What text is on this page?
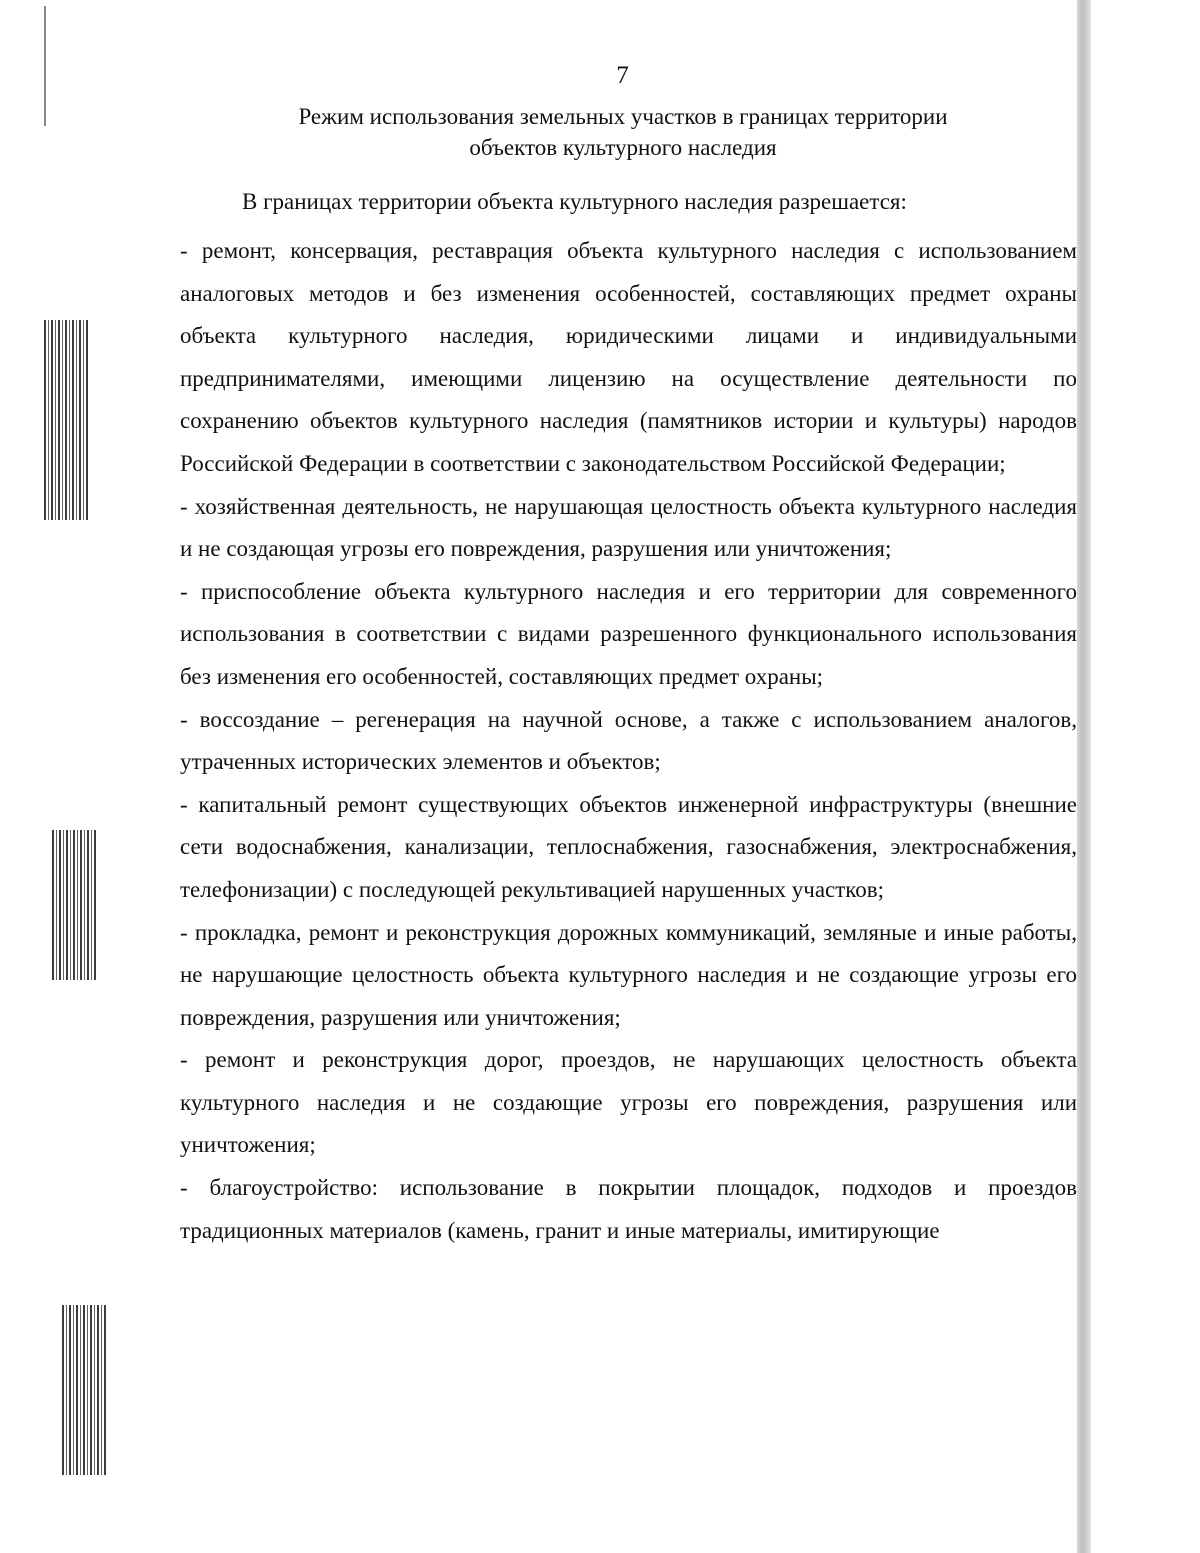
7
Режим использования земельных участков в границах территории
объектов культурного наследия
В границах территории объекта культурного наследия разрешается:

- ремонт, консервация, реставрация объекта культурного наследия с использованием аналоговых методов и без изменения особенностей, составляющих предмет охраны объекта культурного наследия, юридическими лицами и индивидуальными предпринимателями, имеющими лицензию на осуществление деятельности по сохранению объектов культурного наследия (памятников истории и культуры) народов Российской Федерации в соответствии с законодательством Российской Федерации;

- хозяйственная деятельность, не нарушающая целостность объекта культурного наследия и не создающая угрозы его повреждения, разрушения или уничтожения;

- приспособление объекта культурного наследия и его территории для современного использования в соответствии с видами разрешенного функционального использования без изменения его особенностей, составляющих предмет охраны;

- воссоздание – регенерация на научной основе, а также с использованием аналогов, утраченных исторических элементов и объектов;

- капитальный ремонт существующих объектов инженерной инфраструктуры (внешние сети водоснабжения, канализации, теплоснабжения, газоснабжения, электроснабжения, телефонизации) с последующей рекультивацией нарушенных участков;

- прокладка, ремонт и реконструкция дорожных коммуникаций, земляные и иные работы, не нарушающие целостность объекта культурного наследия и не создающие угрозы его повреждения, разрушения или уничтожения;

- ремонт и реконструкция дорог, проездов, не нарушающих целостность объекта культурного наследия и не создающие угрозы его повреждения, разрушения или уничтожения;

- благоустройство: использование в покрытии площадок, подходов и проездов традиционных материалов (камень, гранит и иные материалы, имитирующие
